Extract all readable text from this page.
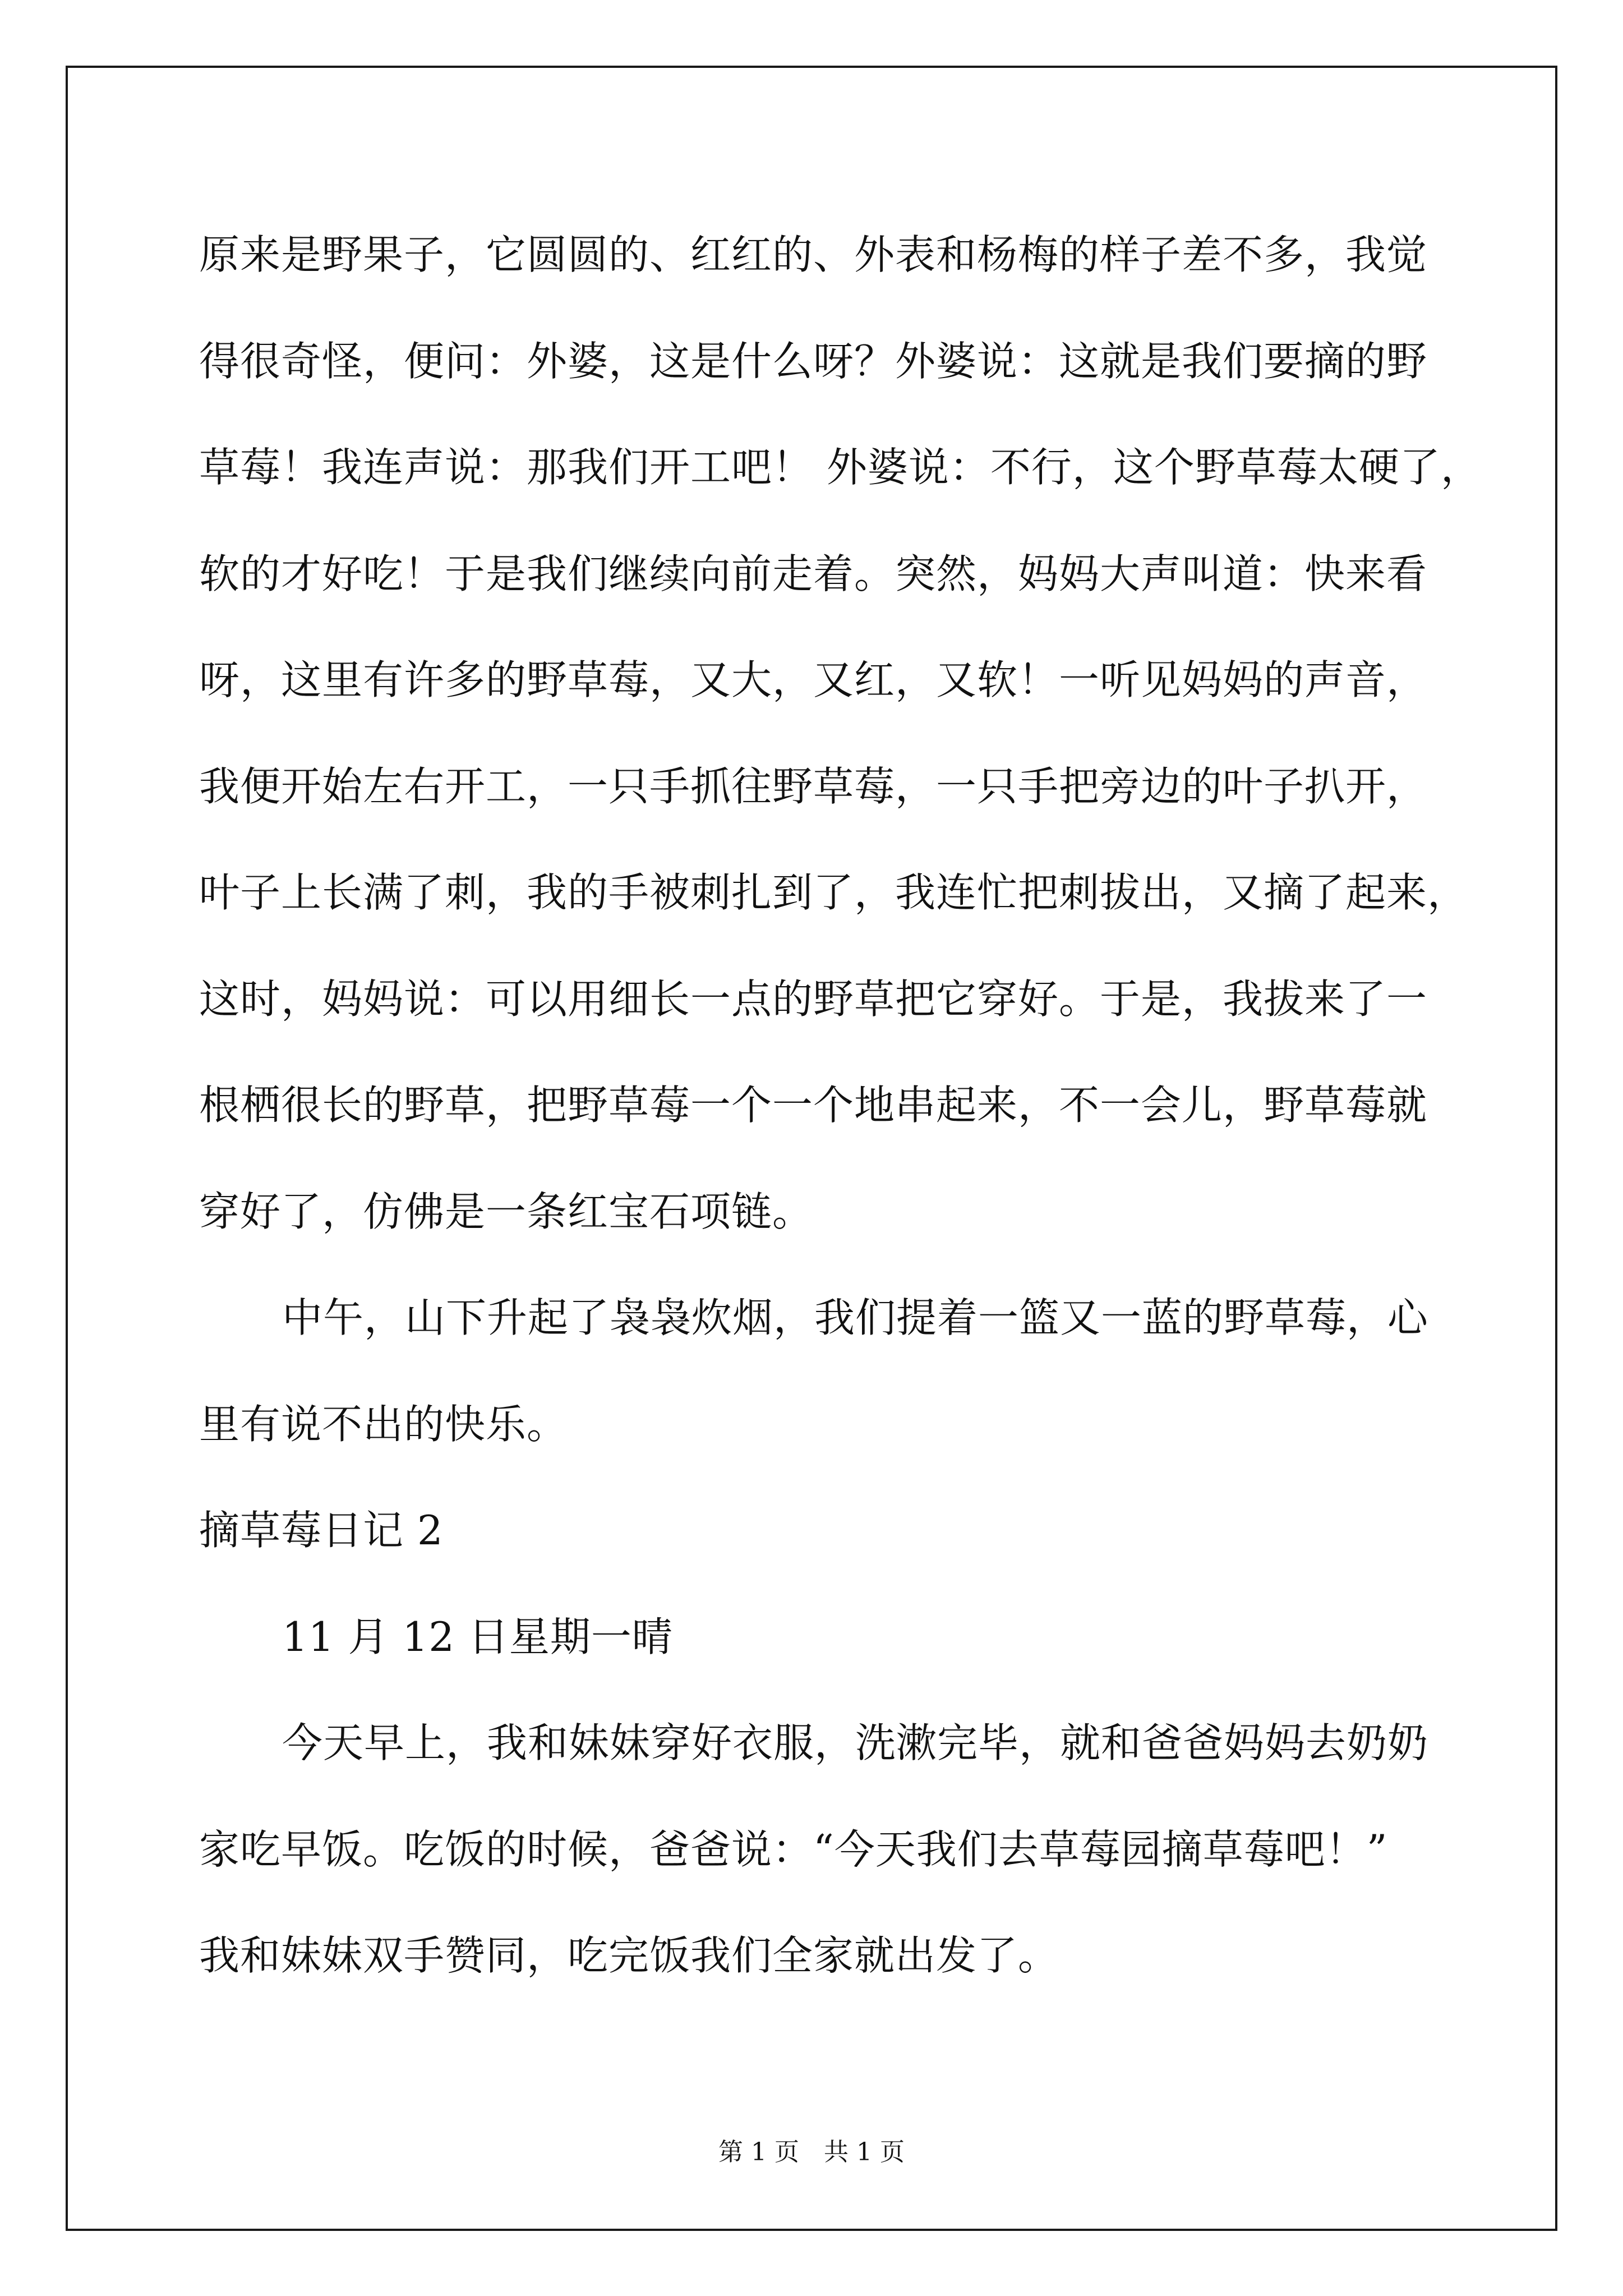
原来是野果子，它圆圆的、红红的、外表和杨梅的样子差不多，我觉
得很奇怪，便问：外婆，这是什么呀？外婆说：这就是我们要摘的野
草莓！我连声说：那我们开工吧！ 外婆说：不行，这个野草莓太硬了，
软的才好吃！于是我们继续向前走着。突然，妈妈大声叫道：快来看
呀，这里有许多的野草莓，又大，又红，又软！一听见妈妈的声音，
我便开始左右开工，一只手抓往野草莓，一只手把旁边的叶子扒开，
叶子上长满了刺，我的手被刺扎到了，我连忙把刺拔出，又摘了起来，
这时，妈妈说：可以用细长一点的野草把它穿好。于是，我拔来了一
根栖很长的野草，把野草莓一个一个地串起来，不一会儿，野草莓就
穿好了，仿佛是一条红宝石项链。
中午，山下升起了袅袅炊烟，我们提着一篮又一蓝的野草莓，心
里有说不出的快乐。
摘草莓日记 2
11 月 12 日星期一晴
今天早上，我和妹妹穿好衣服，洗漱完毕，就和爸爸妈妈去奶奶
家吃早饭。吃饭的时候，爸爸说：“今天我们去草莓园摘草莓吧！”
我和妹妹双手赞同，吃完饭我们全家就出发了。
第 1 页 共 1 页
